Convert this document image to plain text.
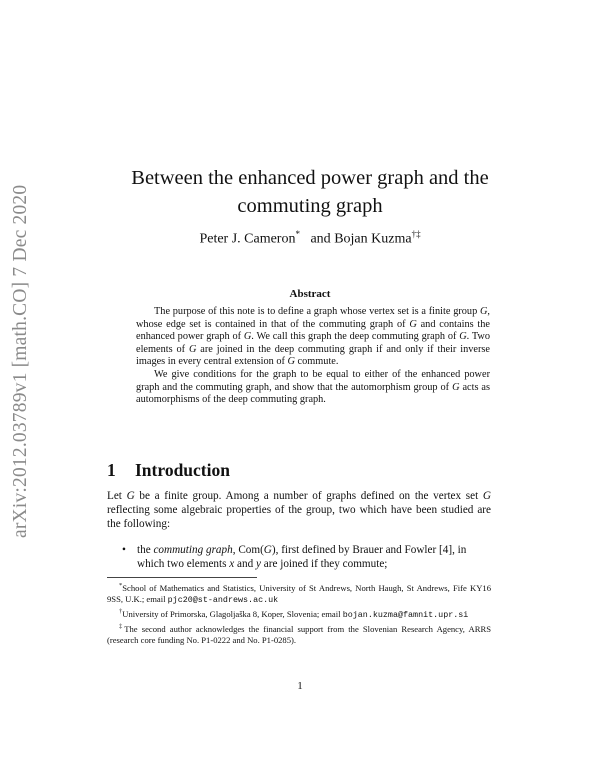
arXiv:2012.03789v1 [math.CO] 7 Dec 2020
Between the enhanced power graph and the
commuting graph
Peter J. Cameron* and Bojan Kuzma†‡
Abstract

The purpose of this note is to define a graph whose vertex set is a finite group G, whose edge set is contained in that of the commuting graph of G and contains the enhanced power graph of G. We call this graph the deep commuting graph of G. Two elements of G are joined in the deep commuting graph if and only if their inverse images in every central extension of G commute.

We give conditions for the graph to be equal to either of the enhanced power graph and the commuting graph, and show that the automorphism group of G acts as automorphisms of the deep commuting graph.

1 Introduction
Let G be a finite group. Among a number of graphs defined on the vertex set G reflecting some algebraic properties of the group, two which have been studied are the following:
• the commuting graph, Com(G), first defined by Brauer and Fowler [4], in which two elements x and y are joined if they commute;

*School of Mathematics and Statistics, University of St Andrews, North Haugh, St Andrews, Fife KY16 9SS, U.K.; email pjc20@st-andrews.ac.uk

†University of Primorska, Glagoljaška 8, Koper, Slovenia; email bojan.kuzma@famnit.upr.si

‡The second author acknowledges the financial support from the Slovenian Research Agency, ARRS (research core funding No. P1-0222 and No. P1-0285).

1
